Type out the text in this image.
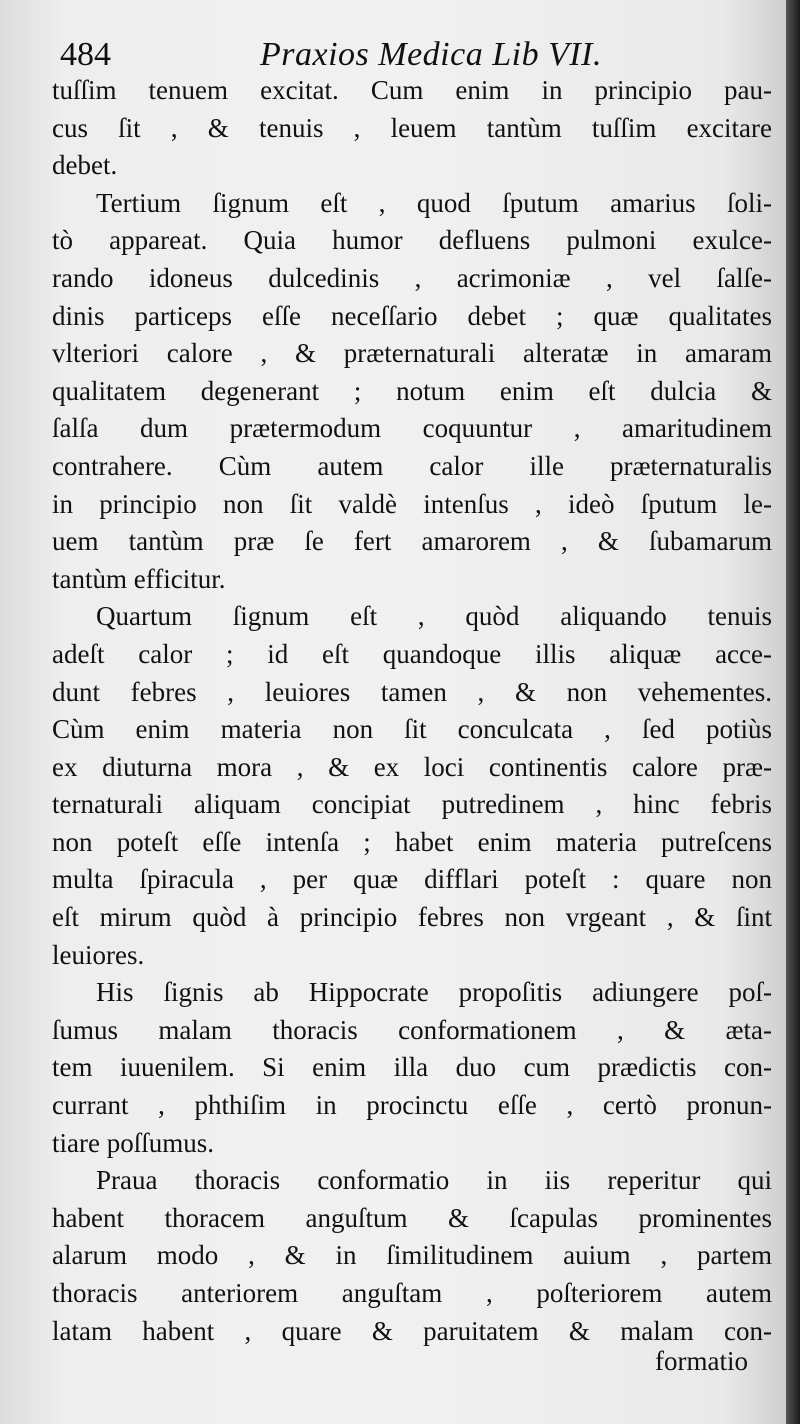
484	Praxios Medica Lib VII.
tuſſim tenuem excitat. Cum enim in principio pau-
cus ſit , & tenuis , leuem tantùm tuſſim excitare
debet.
Tertium ſignum eſt , quod ſputum amarius ſoli-
tò appareat. Quia humor defluens pulmoni exulce-
rando idoneus dulcedinis , acrimoniæ , vel ſalſe-
dinis particeps eſſe neceſſario debet ; quæ qualitates
vlteriori calore , & præternaturali alteratæ in amaram
qualitatem degenerant ; notum enim eſt dulcia &
ſalſa dum prætermodum coquuntur , amaritudinem
contrahere. Cùm autem calor ille præternaturalis
in principio non ſit valdè intenſus , ideò ſputum le-
uem tantùm præ ſe fert amarorem , & ſubamarum
tantùm efficitur.
Quartum ſignum eſt , quòd aliquando tenuis
adeſt calor ; id eſt quandoque illis aliquæ acce-
dunt febres , leuiores tamen , & non vehementes.
Cùm enim materia non ſit conculcata , ſed potiùs
ex diuturna mora , & ex loci continentis calore præ-
ternaturali aliquam concipiat putredinem , hinc febris
non poteſt eſſe intenſa ; habet enim materia putreſcens
multa ſpiracula , per quæ difflari poteſt : quare non
eſt mirum quòd à principio febres non vrgeant , & ſint
leuiores.
His ſignis ab Hippocrate propoſitis adiungere poſ-
ſumus malam thoracis conformationem , & æta-
tem iuuenilem. Si enim illa duo cum prædictis con-
currant , phthiſim in procinctu eſſe , certò pronun-
tiare poſſumus.
Praua thoracis conformatio in iis reperitur qui
habent thoracem anguſtum & ſcapulas prominentes
alarum modo , & in ſimilitudinem auium , partem
thoracis anteriorem anguſtam , poſteriorem autem
latam habent , quare & paruitatem & malam con-
formatio
